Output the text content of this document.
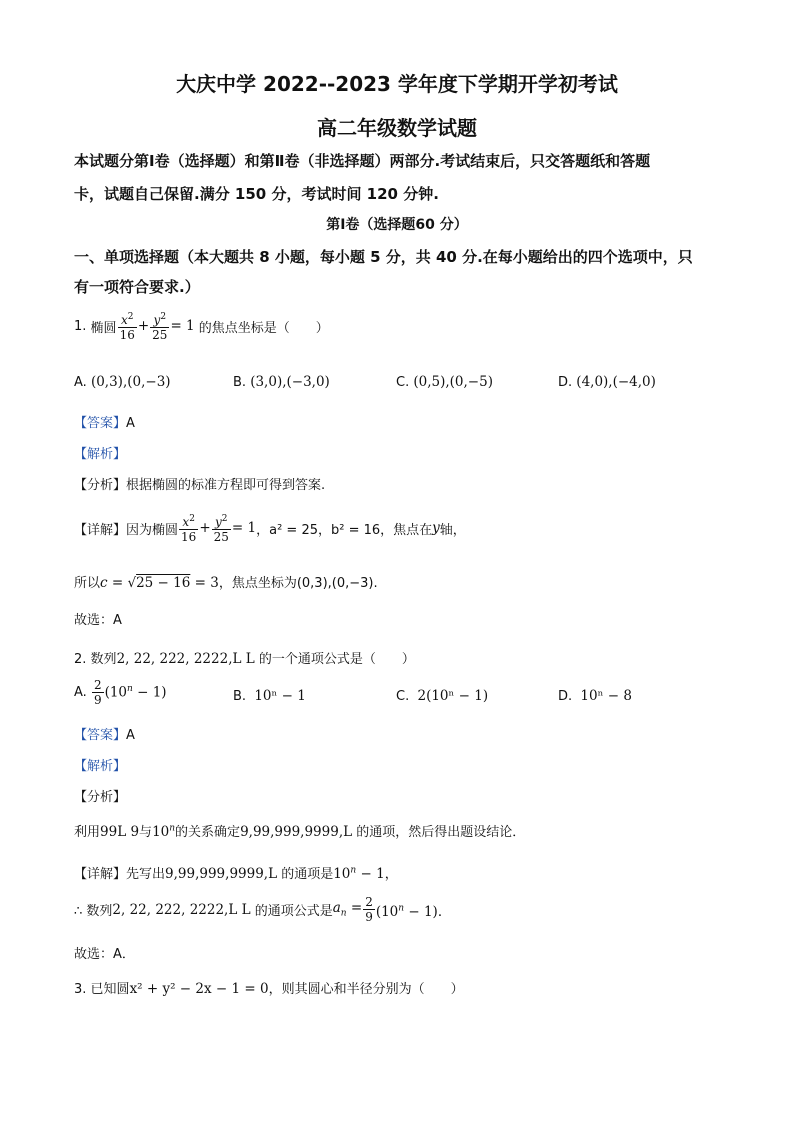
大庆中学 2022--2023 学年度下学期开学初考试
高二年级数学试题
本试题分第Ⅰ卷（选择题）和第Ⅱ卷（非选择题）两部分.考试结束后，只交答题纸和答题
卡，试题自己保留.满分 150 分，考试时间 120 分钟.
第Ⅰ卷（选择题60 分）
一、单项选择题（本大题共 8 小题，每小题 5 分，共 40 分.在每小题给出的四个选项中，只
有一项符合要求.）
1.
椭圆 $\frac{x^2}{16} + \frac{y^2}{25} = 1$
的焦点坐标是（　　）
A. (0,3),(0,−3)	B. (3,0),(−3,0)	C. (0,5),(0,−5)	D. (4,0),(−4,0)
【答案】A
【解析】
【分析】根据椭圆的标准方程即可得到答案.
【详解】 因为椭圆 $\frac{x^2}{16} + \frac{y^2}{25} = 1$ ，a² = 25，b² = 16，焦点在 y 轴，
所以c = √25 − 16 = 3，焦点坐标为(0,3),(0,−3).
故选：A
2. 数列2, 22, 222, 2222,L L 的一个通项公式是（　　）
A.
$\frac{2}{9} (10^n - 1)$	B. 10ⁿ − 1	C. 2(10ⁿ − 1)	D. 10ⁿ − 8
【答案】A
【解析】
【分析】
利用99L 9与10$^n$的关系确定9,99,999,9999,L 的通项，然后得出题设结论．
【详解】先写出9,99,999,9999,L 的通项是$10^n - 1$，
∴ 数列 2, 22, 222, 2222,L L
的通项公式是 $a_n = \frac{2}{9} (10^n - 1)$．
故选：A．
3. 已知圆x² + y² − 2x − 1 = 0，则其圆心和半径分别为（　　）
